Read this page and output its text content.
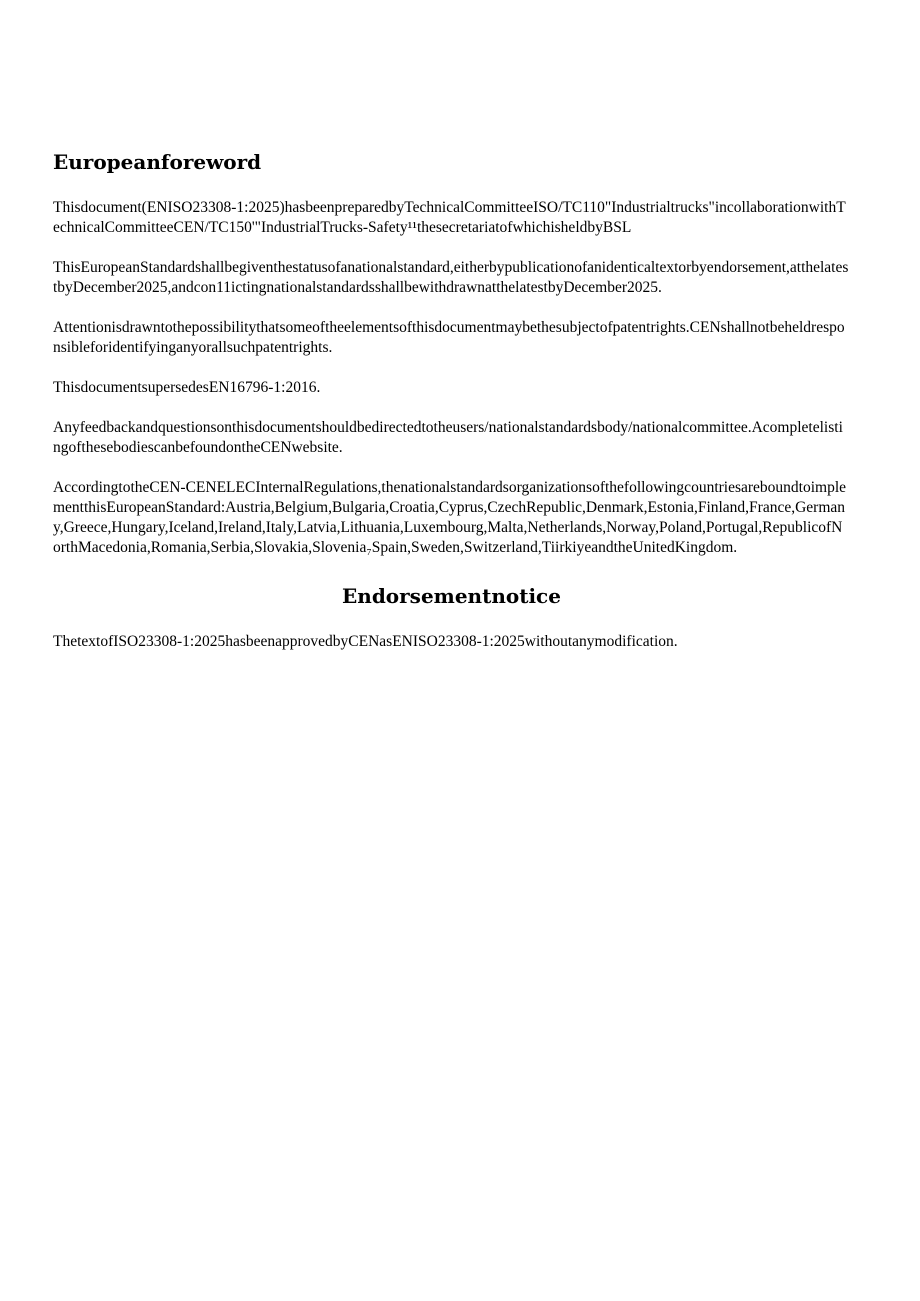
Europeanforeword

Thisdocument(ENISO23308-1:2025)hasbeenpreparedbyTechnicalCommitteeISO/TC110"Industrialtrucks"incollaborationwithTechnicalCommitteeCEN/TC150'"IndustrialTrucks-Safety¹¹thesecretariatofwhichisheldbyBSL

ThisEuropeanStandardshallbegiventhestatusofanationalstandard,eitherbypublicationofanidenticaltextorbyendorsement,atthelatestbyDecember2025,andcon11ictingnationalstandardsshallbewithdrawnatthelatestbyDecember2025.

Attentionisdrawntothepossibilitythatsomeoftheelementsofthisdocumentmaybethesubjectofpatentrights.CENshallnotbeheldresponsibleforidentifyinganyorallsuchpatentrights.

ThisdocumentsupersedesEN16796-1:2016.

Anyfeedbackandquestionsonthisdocumentshouldbedirectedtotheusers/nationalstandardsbody/nationalcommittee.AcompletelistingofthesebodiescanbefoundontheCENwebsite.

AccordingtotheCEN-CENELECInternalRegulations,thenationalstandardsorganizationsofthefollowingcountriesareboundtoimplementthisEuropeanStandard:Austria,Belgium,Bulgaria,Croatia,Cyprus,CzechRepublic,Denmark,Estonia,Finland,France,Germany,Greece,Hungary,Iceland,Ireland,Italy,Latvia,Lithuania,Luxembourg,Malta,Netherlands,Norway,Poland,Portugal,RepublicofNorthMacedonia,Romania,Serbia,Slovakia,Slovenia₇Spain,Sweden,Switzerland,TiirkiyeandtheUnitedKingdom.

Endorsementnotice

ThetextofISO23308-1:2025hasbeenapprovedbyCENasENISO23308-1:2025withoutanymodification.
